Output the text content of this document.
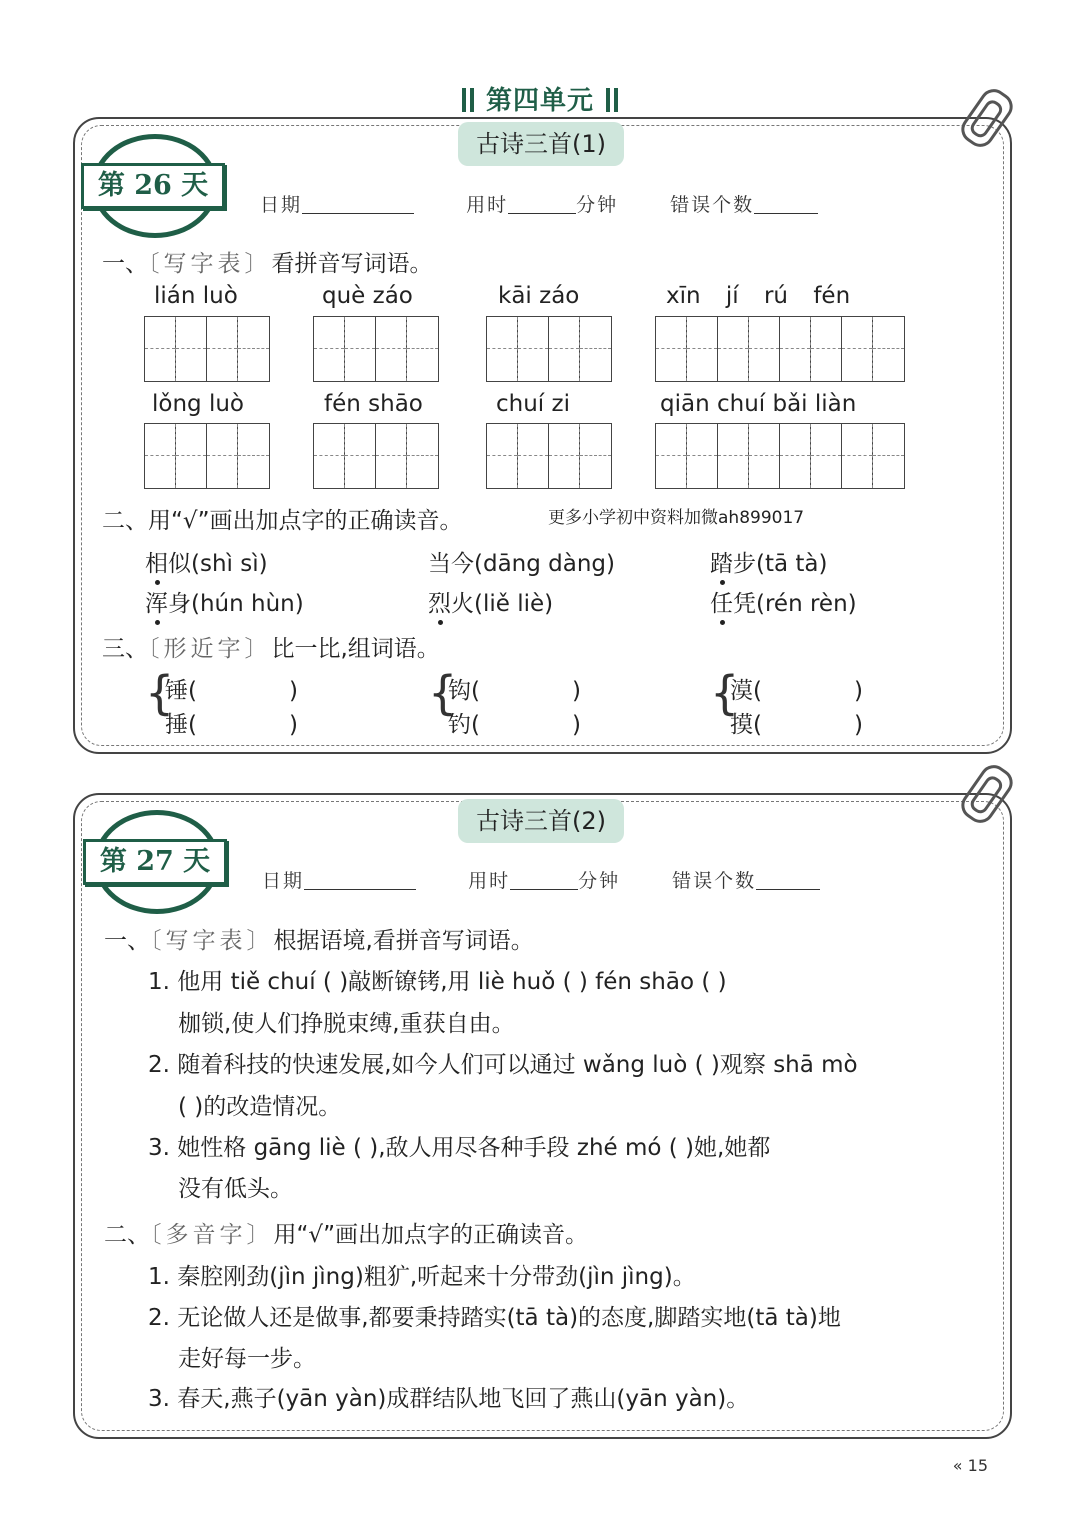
第四单元
古诗三首(1)
第 26 天
日期	用时	分钟	错误个数
一、〔写字表〕看拼音写词语。
lián luò	què záo	kāi záo	xīn jí rú fén
lǒng luò	fén shāo	chuí zi	qiān chuí bǎi liàn
二、用“√”画出加点字的正确读音。	更多小学初中资料加微ah899017
相似(shì sì)	当今(dāng dàng)	踏步(tā tà)
浑身(hún hùn)	烈火(liě liè)	任凭(rén rèn)
三、〔形近字〕比一比,组词语。
{
锤(	)
捶(	)
{
钩(	)
钓(	)
{
漠(	)
摸(	)
古诗三首(2)
第 27 天
日期	用时	分钟	错误个数
一、〔写字表〕根据语境,看拼音写词语。
1. 他用 tiě chuí ( )敲断镣铐,用 liè huǒ ( ) fén shāo ( )
枷锁,使人们挣脱束缚,重获自由。
2. 随着科技的快速发展,如今人们可以通过 wǎng luò ( )观察 shā mò
( )的改造情况。
3. 她性格 gāng liè ( ),敌人用尽各种手段 zhé mó ( )她,她都
没有低头。
二、〔多音字〕用“√”画出加点字的正确读音。
1. 秦腔刚劲(jìn jìng)粗犷,听起来十分带劲(jìn jìng)。
2. 无论做人还是做事,都要秉持踏实(tā tà)的态度,脚踏实地(tā tà)地
走好每一步。
3. 春天,燕子(yān yàn)成群结队地飞回了燕山(yān yàn)。
« 15
